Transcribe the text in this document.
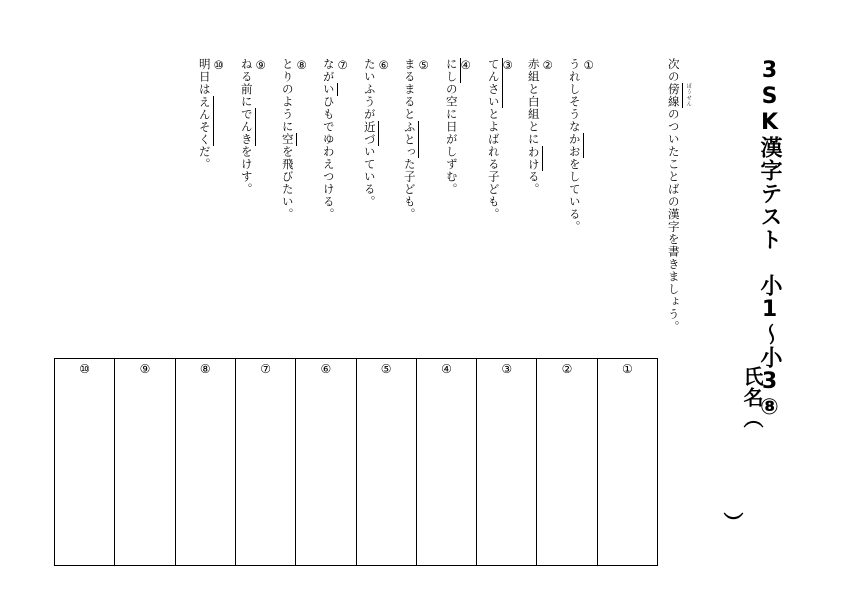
3SK漢字テスト　小1〜小3⑧
氏名（
）
次の傍線 ぼうせん
のついたことばの漢字を書きましょう。
①
うれしそうなかおをしている。
②
赤組と白組とにわける。
③
てんさいとよばれる子ども。
④
にしの空に日がしずむ。
⑤
まるまるとふとった子ども。
⑥
たいふうが近づいている。
⑦
ながいひもでゆわえつける。
⑧
とりのように空を飛びたい。
⑨
ねる前にでんきをけす。
⑩
明日はえんそくだ。
①
②
③
④
⑤
⑥
⑦
⑧
⑨
⑩
